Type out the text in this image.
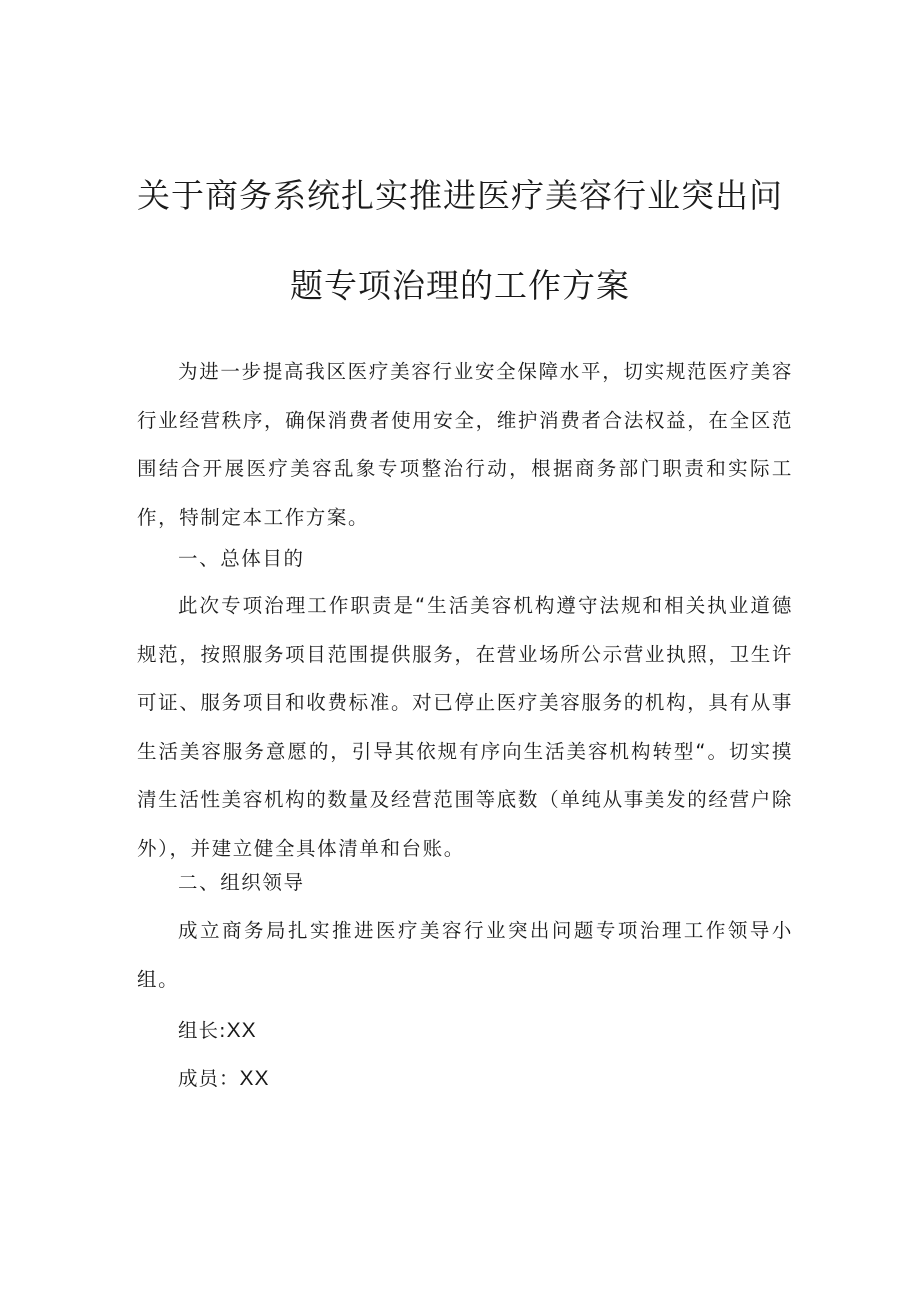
关于商务系统扎实推进医疗美容行业突出问
题专项治理的工作方案

为进一步提高我区医疗美容行业安全保障水平，切实规范医疗美容行业经营秩序，确保消费者使用安全，维护消费者合法权益，在全区范围结合开展医疗美容乱象专项整治行动，根据商务部门职责和实际工作，特制定本工作方案。

一、总体目的

此次专项治理工作职责是“生活美容机构遵守法规和相关执业道德规范，按照服务项目范围提供服务，在营业场所公示营业执照，卫生许可证、服务项目和收费标准。对已停止医疗美容服务的机构，具有从事生活美容服务意愿的，引导其依规有序向生活美容机构转型“。切实摸清生活性美容机构的数量及经营范围等底数（单纯从事美发的经营户除外），并建立健全具体清单和台账。

二、组织领导

成立商务局扎实推进医疗美容行业突出问题专项治理工作领导小组。

组长:XX

成员：XX
